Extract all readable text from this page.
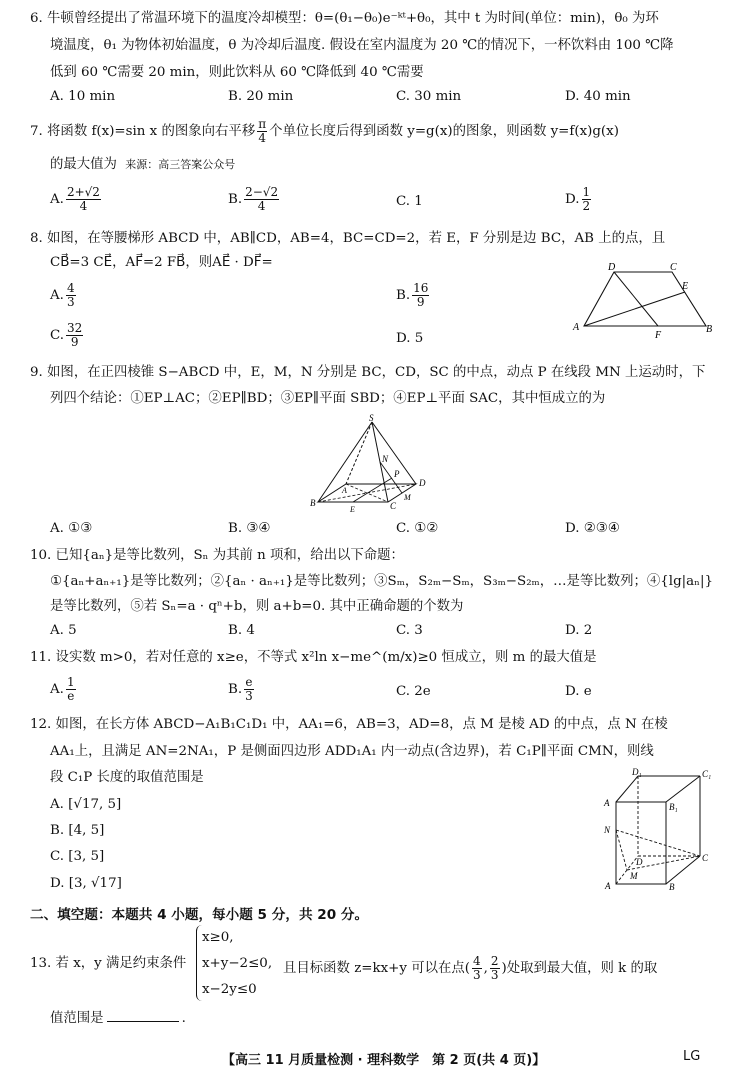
6. 牛顿曾经提出了常温环境下的温度冷却模型：θ=(θ₁−θ₀)e⁻ᵏᵗ+θ₀，其中 t 为时间(单位：min)，θ₀ 为环
境温度，θ₁ 为物体初始温度，θ 为冷却后温度. 假设在室内温度为 20 ℃的情况下，一杯饮料由 100 ℃降
低到 60 ℃需要 20 min，则此饮料从 60 ℃降低到 40 ℃需要
A. 10 min	B. 20 min	C. 30 min	D. 40 min
7. 将函数 f(x)=sin x 的图象向右平移 $\frac{\pi}{4}$ 个单位长度后得到函数 y=g(x)的图象，则函数 y=f(x)g(x)
的最大值为 来源：高三答案公众号
A. $\frac{2+√2}{4}$	B. $\frac{2-√2}{4}$	C. 1	D. $\frac{1}{2}$
8. 如图，在等腰梯形 ABCD 中，AB∥CD，AB=4，BC=CD=2，若 E，F 分别是边 BC，AB 上的点，且
CB⃗=3 CE⃗，AF⃗=2 FB⃗，则AE⃗ · DF⃗=
A. $\frac{4}{3}$	B. $\frac{16}{9}$
C. $\frac{32}{9}$	D. 5
D	C
E
A
F
B
9. 如图，在正四棱锥 S−ABCD 中，E，M，N 分别是 BC，CD，SC 的中点，动点 P 在线段 MN 上运动时，下
列四个结论：①EP⊥AC；②EP∥BD；③EP∥平面 SBD；④EP⊥平面 SAC，其中恒成立的为
S
N
P
D
M
B
E	C
A
A. ①③	B. ③④	C. ①②	D. ②③④
10. 已知{aₙ}是等比数列，Sₙ 为其前 n 项和，给出以下命题：
①{aₙ+aₙ₊₁}是等比数列；②{aₙ · aₙ₊₁}是等比数列；③Sₘ，S₂ₘ−Sₘ，S₃ₘ−S₂ₘ，…是等比数列；④{lg|aₙ|}
是等比数列，⑤若 Sₙ=a · qⁿ+b，则 a+b=0. 其中正确命题的个数为
A. 5	B. 4	C. 3	D. 2
11. 设实数 m>0，若对任意的 x≥e，不等式 x²ln x−me^(m/x)≥0 恒成立，则 m 的最大值是
A. $\frac{1}{e}$	B. $\frac{e}{3}$	C. 2e	D. e
12. 如图，在长方体 ABCD−A₁B₁C₁D₁ 中，AA₁=6，AB=3，AD=8，点 M 是棱 AD 的中点，点 N 在棱
AA₁上，且满足 AN=2NA₁，P 是侧面四边形 ADD₁A₁ 内一动点(含边界)，若 C₁P∥平面 CMN，则线
段 C₁P 长度的取值范围是
A. [√17, 5]
B. [4, 5]
C. [3, 5]
D. [3, √17]
D₁	C₁
A	B₁
N
D	C
M
A	B
二、填空题：本题共 4 小题，每小题 5 分，共 20 分。
13. 若 x，y 满足约束条件
x≥0,
x+y−2≤0,
x−2y≤0
且目标函数 z=kx+y 可以在点( $\frac{4}{3}$ , $\frac{2}{3}$ )处取到最大值，则 k 的取
值范围是	.
【高三 11 月质量检测 · 理科数学　第 2 页(共 4 页)】	LG
